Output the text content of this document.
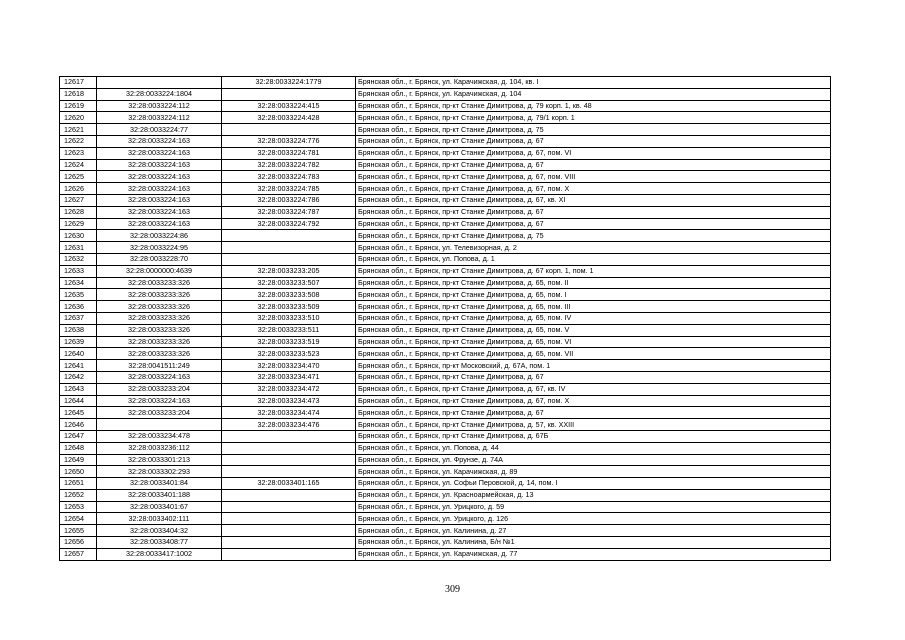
12617		32:28:0033224:1779	Брянская обл., г. Брянск, ул. Карачижская, д. 104, кв. I
12618	32:28:0033224:1804		Брянская обл., г. Брянск, ул. Карачижская, д. 104
12619	32:28:0033224:112	32:28:0033224:415	Брянская обл., г. Брянск, пр-кт Станке Димитрова, д. 79 корп. 1, кв. 48
12620	32:28:0033224:112	32:28:0033224:428	Брянская обл., г. Брянск, пр-кт Станке Димитрова, д. 79/1 корп. 1
12621	32:28:0033224:77		Брянская обл., г. Брянск, пр-кт Станке Димитрова, д. 75
12622	32:28:0033224:163	32:28:0033224:776	Брянская обл., г. Брянск, пр-кт Станке Димитрова, д. 67
12623	32:28:0033224:163	32:28:0033224:781	Брянская обл., г. Брянск, пр-кт Станке Димитрова, д. 67, пом. VI
12624	32:28:0033224:163	32:28:0033224:782	Брянская обл., г. Брянск, пр-кт Станке Димитрова, д. 67
12625	32:28:0033224:163	32:28:0033224:783	Брянская обл., г. Брянск, пр-кт Станке Димитрова, д. 67, пом. VIII
12626	32:28:0033224:163	32:28:0033224:785	Брянская обл., г. Брянск, пр-кт Станке Димитрова, д. 67, пом. X
12627	32:28:0033224:163	32:28:0033224:786	Брянская обл., г. Брянск, пр-кт Станке Димитрова, д. 67, кв. XI
12628	32:28:0033224:163	32:28:0033224:787	Брянская обл., г. Брянск, пр-кт Станке Димитрова, д. 67
12629	32:28:0033224:163	32:28:0033224:792	Брянская обл., г. Брянск, пр-кт Станке Димитрова, д. 67
12630	32:28:0033224:86		Брянская обл., г. Брянск, пр-кт Станке Димитрова, д. 75
12631	32:28:0033224:95		Брянская обл., г. Брянск, ул. Телевизорная, д. 2
12632	32:28:0033228:70		Брянская обл., г. Брянск, ул. Попова, д. 1
12633	32:28:0000000:4639	32:28:0033233:205	Брянская обл., г. Брянск, пр-кт Станке Димитрова, д. 67 корп. 1, пом. 1
12634	32:28:0033233:326	32:28:0033233:507	Брянская обл., г. Брянск, пр-кт Станке Димитрова, д. 65, пом. II
12635	32:28:0033233:326	32:28:0033233:508	Брянская обл., г. Брянск, пр-кт Станке Димитрова, д. 65, пом. I
12636	32:28:0033233:326	32:28:0033233:509	Брянская обл., г. Брянск, пр-кт Станке Димитрова, д. 65, пом. III
12637	32:28:0033233:326	32:28:0033233:510	Брянская обл., г. Брянск, пр-кт Станке Димитрова, д. 65, пом. IV
12638	32:28:0033233:326	32:28:0033233:511	Брянская обл., г. Брянск, пр-кт Станке Димитрова, д. 65, пом. V
12639	32:28:0033233:326	32:28:0033233:519	Брянская обл., г. Брянск, пр-кт Станке Димитрова, д. 65, пом. VI
12640	32:28:0033233:326	32:28:0033233:523	Брянская обл., г. Брянск, пр-кт Станке Димитрова, д. 65, пом. VII
12641	32:28:0041511:249	32:28:0033234:470	Брянская обл., г. Брянск, пр-кт Московский, д. 67А, пом. 1
12642	32:28:0033224:163	32:28:0033234:471	Брянская обл., г. Брянск, пр-кт Станке Димитрова, д. 67
12643	32:28:0033233:204	32:28:0033234:472	Брянская обл., г. Брянск, пр-кт Станке Димитрова, д. 67, кв. IV
12644	32:28:0033224:163	32:28:0033234:473	Брянская обл., г. Брянск, пр-кт Станке Димитрова, д. 67, пом. X
12645	32:28:0033233:204	32:28:0033234:474	Брянская обл., г. Брянск, пр-кт Станке Димитрова, д. 67
12646		32:28:0033234:476	Брянская обл., г. Брянск, пр-кт Станке Димитрова, д. 57, кв. XXIII
12647	32:28:0033234:478		Брянская обл., г. Брянск, пр-кт Станке Димитрова, д. 67Б
12648	32:28:0033236:112		Брянская обл., г. Брянск, ул. Попова, д. 44
12649	32:28:0033301:213		Брянская обл., г. Брянск, ул. Фрунзе, д. 74А
12650	32:28:0033302:293		Брянская обл., г. Брянск, ул. Карачижская, д. 89
12651	32:28:0033401:84	32:28:0033401:165	Брянская обл., г. Брянск, ул. Софьи Перовской, д. 14, пом. I
12652	32:28:0033401:188		Брянская обл., г. Брянск, ул. Красноармейская, д. 13
12653	32:28:0033401:67		Брянская обл., г. Брянск, ул. Урицкого, д. 59
12654	32:28:0033402:111		Брянская обл., г. Брянск, ул. Урицкого, д. 126
12655	32:28:0033404:32		Брянская обл., г. Брянск, ул. Калинина, д. 27
12656	32:28:0033408:77		Брянская обл., г. Брянск, ул. Калинина, Б/н №1
12657	32:28:0033417:1002		Брянская обл., г. Брянск, ул. Карачижская, д. 77
309
